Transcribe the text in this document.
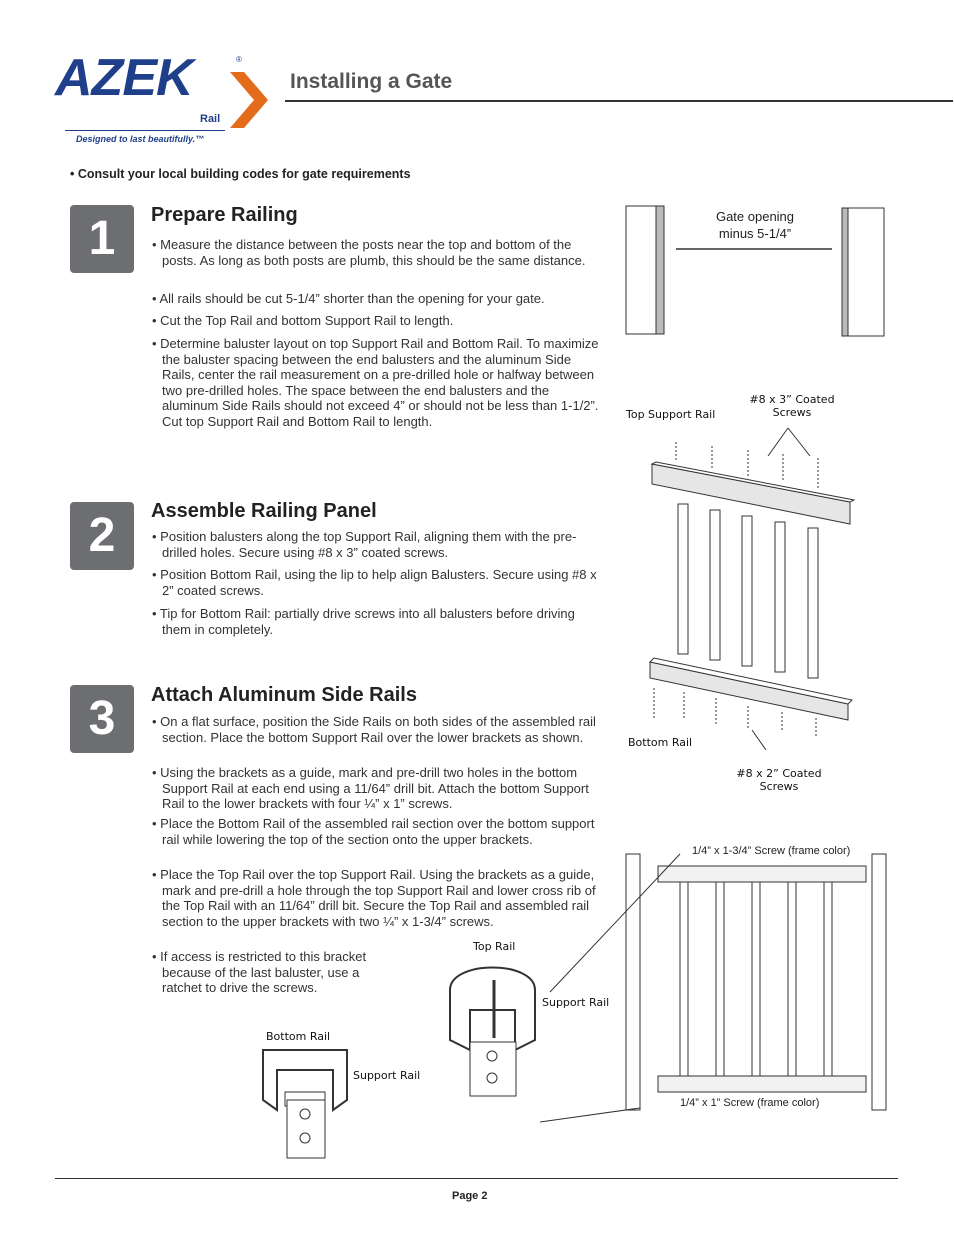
AZEK	®
Rail
Designed to last beautifully.™
Installing a Gate
• Consult your local building codes for gate requirements
1	Prepare Railing
• Measure the distance between the posts near the top and bottom of the posts. As long as both posts are plumb, this should be the same distance.
• All rails should be cut 5-1/4” shorter than the opening for your gate.
• Cut the Top Rail and bottom Support Rail to length.
• Determine baluster layout on top Support Rail and Bottom Rail. To maximize the baluster spacing between the end balusters and the aluminum Side Rails, center the rail measurement on a pre-drilled hole or halfway between two pre-drilled holes. The space between the end balusters and the aluminum Side Rails should not exceed 4” or should not be less than 1-1/2”. Cut top Support Rail and Bottom Rail to length.
2	Assemble Railing Panel
• Position balusters along the top Support Rail, aligning them with the pre-drilled holes. Secure using #8 x 3” coated screws.
• Position Bottom Rail, using the lip to help align Balusters. Secure using #8 x 2” coated screws.
• Tip for Bottom Rail: partially drive screws into all balusters before driving them in completely.
3	Attach Aluminum Side Rails
• On a flat surface, position the Side Rails on both sides of the assembled rail section. Place the bottom Support Rail over the lower brackets as shown.
• Using the brackets as a guide, mark and pre-drill two holes in the bottom Support Rail at each end using a 11/64” drill bit. Attach the bottom Support Rail to the lower brackets with four ¼” x 1” screws.
• Place the Bottom Rail of the assembled rail section over the bottom support rail while lowering the top of the section onto the upper brackets.
• Place the Top Rail over the top Support Rail. Using the brackets as a guide, mark and pre-drill a hole through the top Support Rail and lower cross rib of the Top Rail with an 11/64” drill bit. Secure the Top Rail and assembled rail section to the upper brackets with two ¼” x 1-3/4” screws.
• If access is restricted to this bracket because of the last baluster, use a ratchet to drive the screws.
Gate opening minus 5-1/4”
Top Support Rail
#8 x 3” Coated Screws
Bottom Rail
#8 x 2” Coated Screws
1/4” x 1-3/4” Screw (frame color)
1/4” x 1” Screw (frame color)
Top Rail
Support Rail
Bottom Rail
Support Rail
Page 2
